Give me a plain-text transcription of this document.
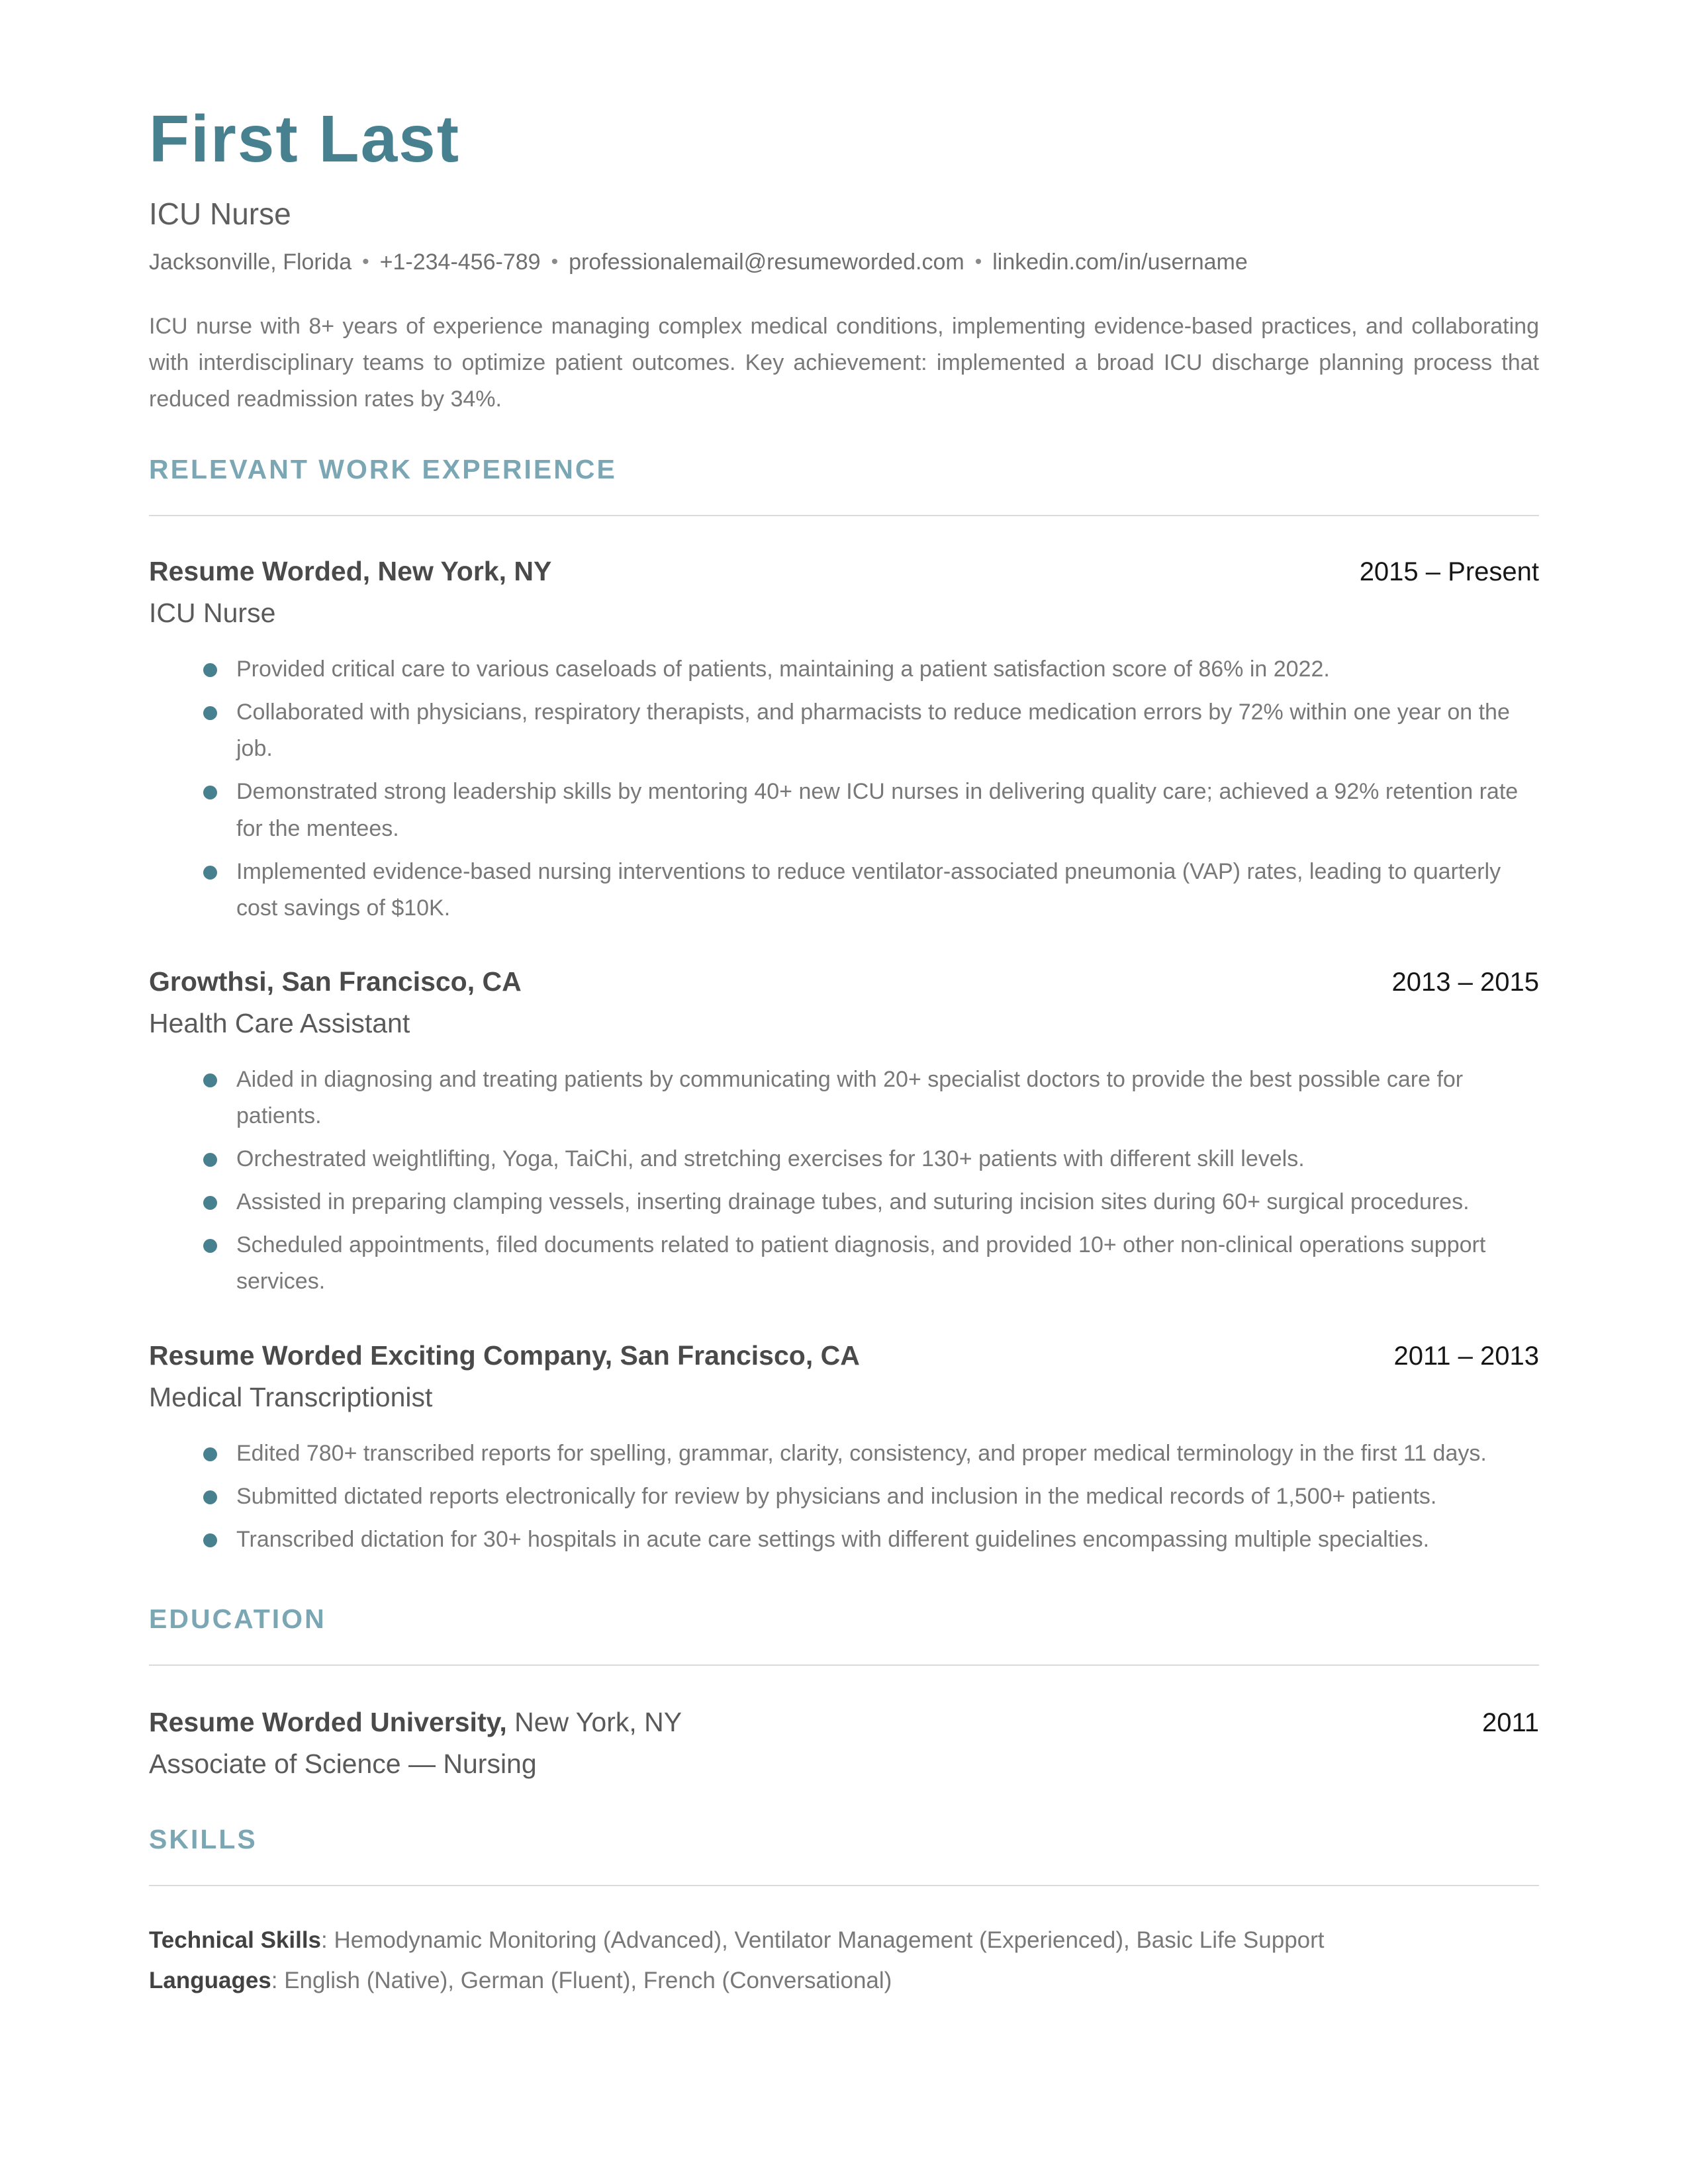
First Last
ICU Nurse
Jacksonville, Florida • +1-234-456-789 • professionalemail@resumeworded.com • linkedin.com/in/username
ICU nurse with 8+ years of experience managing complex medical conditions, implementing evidence-based practices, and collaborating with interdisciplinary teams to optimize patient outcomes. Key achievement: implemented a broad ICU discharge planning process that reduced readmission rates by 34%.
RELEVANT WORK EXPERIENCE
Resume Worded, New York, NY	2015 – Present
ICU Nurse
Provided critical care to various caseloads of patients, maintaining a patient satisfaction score of 86% in 2022.
Collaborated with physicians, respiratory therapists, and pharmacists to reduce medication errors by 72% within one year on the job.
Demonstrated strong leadership skills by mentoring 40+ new ICU nurses in delivering quality care; achieved a 92% retention rate for the mentees.
Implemented evidence-based nursing interventions to reduce ventilator-associated pneumonia (VAP) rates, leading to quarterly cost savings of $10K.
Growthsi, San Francisco, CA	2013 – 2015
Health Care Assistant
Aided in diagnosing and treating patients by communicating with 20+ specialist doctors to provide the best possible care for patients.
Orchestrated weightlifting, Yoga, TaiChi, and stretching exercises for 130+ patients with different skill levels.
Assisted in preparing clamping vessels, inserting drainage tubes, and suturing incision sites during 60+ surgical procedures.
Scheduled appointments, filed documents related to patient diagnosis, and provided 10+ other non-clinical operations support services.
Resume Worded Exciting Company, San Francisco, CA	2011 – 2013
Medical Transcriptionist
Edited 780+ transcribed reports for spelling, grammar, clarity, consistency, and proper medical terminology in the first 11 days.
Submitted dictated reports electronically for review by physicians and inclusion in the medical records of 1,500+ patients.
Transcribed dictation for 30+ hospitals in acute care settings with different guidelines encompassing multiple specialties.
EDUCATION
Resume Worded University, New York, NY	2011
Associate of Science — Nursing
SKILLS
Technical Skills: Hemodynamic Monitoring (Advanced), Ventilator Management (Experienced), Basic Life Support
Languages: English (Native), German (Fluent), French (Conversational)
